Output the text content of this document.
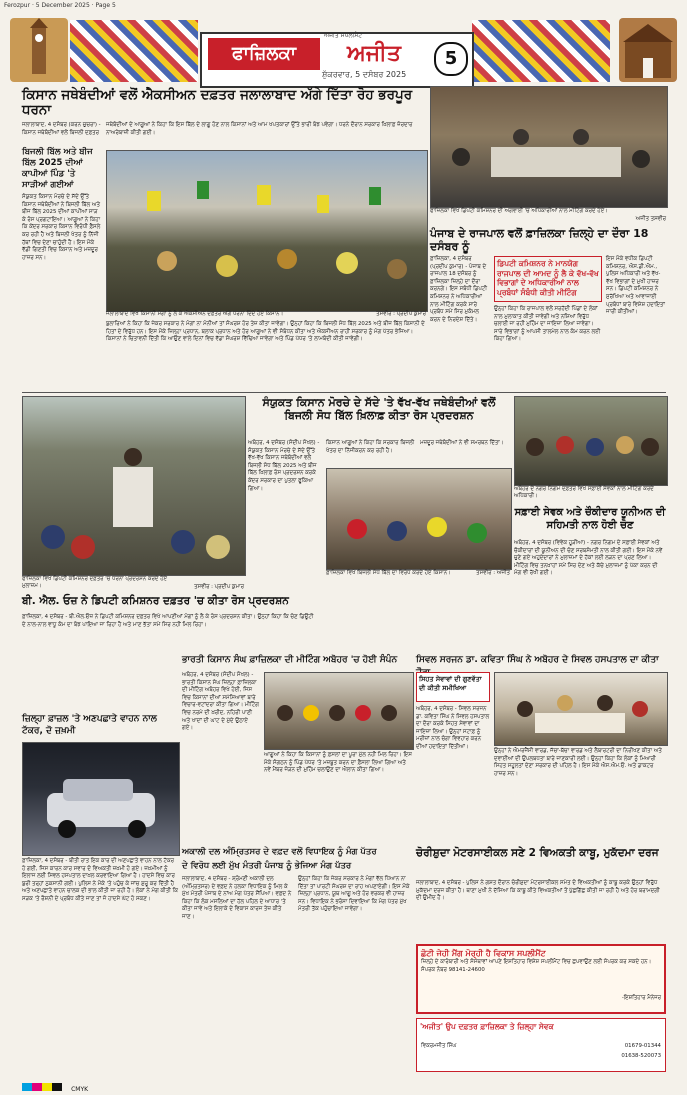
Ferozpur · 5 December 2025 · Page 5
ਅਜੀਤ ਸਪਲੀਮੈਂਟ
ਫਾਜ਼ਿਲਕਾ	ਅਜੀਤ
ਸ਼ੁੱਕਰਵਾਰ, 5 ਦਸੰਬਰ 2025
5
ਕਿਸਾਨ ਜਥੇਬੰਦੀਆਂ ਵਲੋਂ ਐਕਸੀਅਨ ਦਫ਼ਤਰ ਜਲਾਲਾਬਾਦ ਅੱਗੇ ਦਿੱਤਾ ਰੋਹ ਭਰਪੂਰ ਧਰਨਾ
ਜਲਾਲਾਬਾਦ, 4 ਦਸੰਬਰ (ਕਰਨ ਚੁਚਰਾ) - ਕਿਸਾਨ ਜਥੇਬੰਦੀਆਂ ਵਲੋਂ ਬਿਜਲੀ ਦਫ਼ਤਰ
ਬਿਜਲੀ ਬਿੱਲ ਅਤੇ ਬੀਜ ਬਿੱਲ 2025 ਦੀਆਂ ਕਾਪੀਆਂ ਪਿੰਡ 'ਤੇ ਸਾੜੀਆਂ ਗਈਆਂ
ਸੰਯੁਕਤ ਕਿਸਾਨ ਮੋਰਚੇ ਦੇ ਸੱਦੇ ਉੱਤੇ ਕਿਸਾਨ ਜਥੇਬੰਦੀਆਂ ਨੇ ਬਿਜਲੀ ਬਿੱਲ ਅਤੇ ਬੀਜ ਬਿੱਲ 2025 ਦੀਆਂ ਕਾਪੀਆਂ ਸਾੜ ਕੇ ਰੋਸ ਪ੍ਰਗਟਾਇਆ। ਆਗੂਆਂ ਨੇ ਕਿਹਾ ਕਿ ਕੇਂਦਰ ਸਰਕਾਰ ਕਿਸਾਨ ਵਿਰੋਧੀ ਫ਼ੈਸਲੇ ਕਰ ਰਹੀ ਹੈ ਅਤੇ ਬਿਜਲੀ ਖੇਤਰ ਨੂੰ ਨਿੱਜੀ ਹੱਥਾਂ ਵਿਚ ਦੇਣਾ ਚਾਹੁੰਦੀ ਹੈ। ਇਸ ਮੌਕੇ ਵੱਡੀ ਗਿਣਤੀ ਵਿਚ ਕਿਸਾਨ ਅਤੇ ਮਜ਼ਦੂਰ ਹਾਜ਼ਰ ਸਨ।
ਜਥੇਬੰਦੀਆਂ ਦੇ ਆਗੂਆਂ ਨੇ ਕਿਹਾ ਕਿ ਇਸ ਬਿੱਲ ਦੇ ਲਾਗੂ ਹੋਣ ਨਾਲ ਕਿਸਾਨਾਂ ਅਤੇ ਆਮ ਖਪਤਕਾਰਾਂ ਉੱਤੇ ਭਾਰੀ ਬੋਝ ਪਵੇਗਾ। ਧਰਨੇ ਦੌਰਾਨ ਸਰਕਾਰ ਖ਼ਿਲਾਫ਼ ਜ਼ੋਰਦਾਰ ਨਾਅਰੇਬਾਜ਼ੀ ਕੀਤੀ ਗਈ।
ਜਲਾਲਾਬਾਦ ਵਿਖੇ ਕਿਸਾਨੀ ਮੰਗਾਂ ਨੂੰ ਲੈ ਕੇ ਐਕਸੀਅਨ ਦਫ਼ਤਰ ਅੱਗੇ ਧਰਨਾ ਦਿੰਦੇ ਹੋਏ ਕਿਸਾਨ।	ਤਸਵੀਰ : ਪ੍ਰਦੀਪ ਕੁਮਾਰ
ਬੁਲਾਰਿਆਂ ਨੇ ਕਿਹਾ ਕਿ ਜੇਕਰ ਸਰਕਾਰ ਨੇ ਮੰਗਾਂ ਨਾ ਮੰਨੀਆਂ ਤਾਂ ਸੰਘਰਸ਼ ਹੋਰ ਤੇਜ਼ ਕੀਤਾ ਜਾਵੇਗਾ। ਉਨ੍ਹਾਂ ਕਿਹਾ ਕਿ ਬਿਜਲੀ ਸੋਧ ਬਿੱਲ 2025 ਅਤੇ ਬੀਜ ਬਿੱਲ ਕਿਸਾਨੀ ਦੇ ਹਿਤਾਂ ਦੇ ਵਿਰੁੱਧ ਹਨ। ਇਸ ਮੌਕੇ ਜ਼ਿਲ੍ਹਾ ਪ੍ਰਧਾਨ, ਬਲਾਕ ਪ੍ਰਧਾਨ ਅਤੇ ਹੋਰ ਆਗੂਆਂ ਨੇ ਵੀ ਸੰਬੋਧਨ ਕੀਤਾ ਅਤੇ ਐਕਸੀਅਨ ਰਾਹੀਂ ਸਰਕਾਰ ਨੂੰ ਮੰਗ ਪੱਤਰ ਭੇਜਿਆ। ਕਿਸਾਨਾਂ ਨੇ ਚਿਤਾਵਨੀ ਦਿੱਤੀ ਕਿ ਆਉਣ ਵਾਲੇ ਦਿਨਾਂ ਵਿਚ ਵੱਡਾ ਸੰਘਰਸ਼ ਵਿੱਢਿਆ ਜਾਵੇਗਾ ਅਤੇ ਪਿੰਡ ਪੱਧਰ 'ਤੇ ਲਾਮਬੰਦੀ ਕੀਤੀ ਜਾਵੇਗੀ।
ਫਾਜ਼ਿਲਕਾ ਵਿਖੇ ਡਿਪਟੀ ਕਮਿਸ਼ਨਰ ਦੀ ਅਗਵਾਈ 'ਚ ਅਧਿਕਾਰੀਆਂ ਨਾਲ ਮੀਟਿੰਗ ਕਰਦੇ ਹੋਏ।
ਅਜੀਤ ਤਸਵੀਰ
ਪੰਜਾਬ ਦੇ ਰਾਜਪਾਲ ਵਲੋਂ ਫ਼ਾਜ਼ਿਲਕਾ ਜ਼ਿਲ੍ਹੇ ਦਾ ਦੌਰਾ 18 ਦਸੰਬਰ ਨੂੰ
ਫ਼ਾਜ਼ਿਲਕਾ, 4 ਦਸੰਬਰ (ਪ੍ਰਦੀਪ ਕੁਮਾਰ) - ਪੰਜਾਬ ਦੇ ਰਾਜਪਾਲ 18 ਦਸੰਬਰ ਨੂੰ ਫ਼ਾਜ਼ਿਲਕਾ ਜ਼ਿਲ੍ਹੇ ਦਾ ਦੌਰਾ ਕਰਨਗੇ। ਇਸ ਸਬੰਧੀ ਡਿਪਟੀ ਕਮਿਸ਼ਨਰ ਨੇ ਅਧਿਕਾਰੀਆਂ ਨਾਲ ਮੀਟਿੰਗ ਕਰਕੇ ਸਾਰੇ ਪ੍ਰਬੰਧ ਸਮੇਂ ਸਿਰ ਮੁਕੰਮਲ ਕਰਨ ਦੇ ਨਿਰਦੇਸ਼ ਦਿੱਤੇ।
ਡਿਪਟੀ ਕਮਿਸ਼ਨਰ ਨੇ ਮਾਨਯੋਗ ਰਾਜਪਾਲ ਦੀ ਆਮਦ ਨੂੰ ਲੈ ਕੇ ਵੱਖ-ਵੱਖ ਵਿਭਾਗਾਂ ਦੇ ਅਧਿਕਾਰੀਆਂ ਨਾਲ ਪ੍ਰਬੰਧਾਂ ਸੰਬੰਧੀ ਕੀਤੀ ਮੀਟਿੰਗ
ਉਨ੍ਹਾਂ ਕਿਹਾ ਕਿ ਰਾਜਪਾਲ ਵਲੋਂ ਸਰਹੱਦੀ ਪਿੰਡਾਂ ਦੇ ਲੋਕਾਂ ਨਾਲ ਮੁਲਾਕਾਤ ਕੀਤੀ ਜਾਵੇਗੀ ਅਤੇ ਨਸ਼ਿਆਂ ਵਿਰੁੱਧ ਚਲਾਈ ਜਾ ਰਹੀ ਮੁਹਿੰਮ ਦਾ ਜਾਇਜ਼ਾ ਲਿਆ ਜਾਵੇਗਾ। ਸਾਰੇ ਵਿਭਾਗਾਂ ਨੂੰ ਆਪਸੀ ਤਾਲਮੇਲ ਨਾਲ ਕੰਮ ਕਰਨ ਲਈ ਕਿਹਾ ਗਿਆ।
ਇਸ ਮੌਕੇ ਵਧੀਕ ਡਿਪਟੀ ਕਮਿਸ਼ਨਰ, ਐਸ.ਡੀ.ਐਮ., ਪੁਲਿਸ ਅਧਿਕਾਰੀ ਅਤੇ ਵੱਖ-ਵੱਖ ਵਿਭਾਗਾਂ ਦੇ ਮੁਖੀ ਹਾਜ਼ਰ ਸਨ। ਡਿਪਟੀ ਕਮਿਸ਼ਨਰ ਨੇ ਸੁਰੱਖਿਆ ਅਤੇ ਆਵਾਜਾਈ ਪ੍ਰਬੰਧਾਂ ਬਾਰੇ ਵਿਸ਼ੇਸ਼ ਹਦਾਇਤਾਂ ਜਾਰੀ ਕੀਤੀਆਂ।
ਫਾਜ਼ਿਲਕਾ ਵਿਖੇ ਡਿਪਟੀ ਕਮਿਸ਼ਨਰ ਦਫ਼ਤਰ 'ਚ ਧਰਨਾ ਪ੍ਰਦਰਸ਼ਨ ਕਰਦੇ ਹੋਏ ਮੁਲਾਜ਼ਮ।	ਤਸਵੀਰ : ਪ੍ਰਦੀਪ ਕੁਮਾਰ
ਸੰਯੁਕਤ ਕਿਸਾਨ ਮੋਰਚੇ ਦੇ ਸੱਦੇ 'ਤੇ ਵੱਖ-ਵੱਖ ਜਥੇਬੰਦੀਆਂ ਵਲੋਂ ਬਿਜਲੀ ਸੋਧ ਬਿੱਲ ਖ਼ਿਲਾਫ਼ ਕੀਤਾ ਰੋਸ ਪ੍ਰਦਰਸ਼ਨ
ਅਬੋਹਰ, 4 ਦਸੰਬਰ (ਸੰਦੀਪ ਸੋਖਲ) - ਸੰਯੁਕਤ ਕਿਸਾਨ ਮੋਰਚੇ ਦੇ ਸੱਦੇ ਉੱਤੇ ਵੱਖ-ਵੱਖ ਕਿਸਾਨ ਜਥੇਬੰਦੀਆਂ ਵਲੋਂ ਬਿਜਲੀ ਸੋਧ ਬਿੱਲ 2025 ਅਤੇ ਬੀਜ ਬਿੱਲ ਖ਼ਿਲਾਫ਼ ਰੋਸ ਪ੍ਰਦਰਸ਼ਨ ਕਰਕੇ ਕੇਂਦਰ ਸਰਕਾਰ ਦਾ ਪੁਤਲਾ ਫੂਕਿਆ ਗਿਆ।
ਕਿਸਾਨ ਆਗੂਆਂ ਨੇ ਕਿਹਾ ਕਿ ਸਰਕਾਰ ਬਿਜਲੀ ਖੇਤਰ ਦਾ ਨਿੱਜੀਕਰਨ ਕਰ ਰਹੀ ਹੈ।
ਮਜ਼ਦੂਰ ਜਥੇਬੰਦੀਆਂ ਨੇ ਵੀ ਸਮਰਥਨ ਦਿੱਤਾ।
ਫ਼ਾਜ਼ਿਲਕਾ ਵਿਖੇ ਬਿਜਲੀ ਸੋਧ ਬਿੱਲ ਦਾ ਵਿਰੋਧ ਕਰਦੇ ਹੋਏ ਕਿਸਾਨ।	ਤਸਵੀਰ : ਅਜੀਤ
ਅਬੋਹਰ ਦੇ ਨਗਰ ਨਿਗਮ ਦਫ਼ਤਰ ਵਿਖੇ ਸਫ਼ਾਈ ਸੇਵਕਾਂ ਨਾਲ ਮੀਟਿੰਗ ਕਰਦੇ ਅਧਿਕਾਰੀ।
ਸਫ਼ਾਈ ਸੇਵਕ ਅਤੇ ਚੌਕੀਦਾਰ ਯੂਨੀਅਨ ਦੀ ਸਹਿਮਤੀ ਨਾਲ ਹੋਈ ਚੋਣ
ਅਬੋਹਰ, 4 ਦਸੰਬਰ (ਵਿਵੇਕ ਹੂੜੀਆ) - ਨਗਰ ਨਿਗਮ ਦੇ ਸਫ਼ਾਈ ਸੇਵਕਾਂ ਅਤੇ ਚੌਕੀਦਾਰਾਂ ਦੀ ਯੂਨੀਅਨ ਦੀ ਚੋਣ ਸਰਬਸੰਮਤੀ ਨਾਲ ਕੀਤੀ ਗਈ। ਇਸ ਮੌਕੇ ਨਵੇਂ ਚੁਣੇ ਗਏ ਅਹੁਦੇਦਾਰਾਂ ਨੇ ਮੁਲਾਜ਼ਮਾਂ ਦੇ ਹੱਕਾਂ ਲਈ ਲੜਨ ਦਾ ਪ੍ਰਣ ਲਿਆ। ਮੀਟਿੰਗ ਵਿਚ ਤਨਖ਼ਾਹਾਂ ਸਮੇਂ ਸਿਰ ਦੇਣ ਅਤੇ ਕੱਚੇ ਮੁਲਾਜ਼ਮਾਂ ਨੂੰ ਪੱਕਾ ਕਰਨ ਦੀ ਮੰਗ ਵੀ ਰੱਖੀ ਗਈ।
ਬੀ. ਐਲ. ਓਜ਼ ਨੇ ਡਿਪਟੀ ਕਮਿਸ਼ਨਰ ਦਫ਼ਤਰ 'ਚ ਕੀਤਾ ਰੋਸ ਪ੍ਰਦਰਸ਼ਨ
ਫ਼ਾਜ਼ਿਲਕਾ, 4 ਦਸੰਬਰ - ਬੀ.ਐਲ.ਓਜ਼ ਨੇ ਡਿਪਟੀ ਕਮਿਸ਼ਨਰ ਦਫ਼ਤਰ ਵਿਖੇ ਆਪਣੀਆਂ ਮੰਗਾਂ ਨੂੰ ਲੈ ਕੇ ਰੋਸ ਪ੍ਰਦਰਸ਼ਨ ਕੀਤਾ। ਉਨ੍ਹਾਂ ਕਿਹਾ ਕਿ ਚੋਣ ਡਿਊਟੀ ਦੇ ਨਾਲ-ਨਾਲ ਵਾਧੂ ਕੰਮ ਦਾ ਬੋਝ ਪਾਇਆ ਜਾ ਰਿਹਾ ਹੈ ਅਤੇ ਮਾਣ ਭੱਤਾ ਸਮੇਂ ਸਿਰ ਨਹੀਂ ਮਿਲ ਰਿਹਾ।
ਭਾਰਤੀ ਕਿਸਾਨ ਸੰਘ ਫ਼ਾਜ਼ਿਲਕਾ ਦੀ ਮੀਟਿੰਗ ਅਬੋਹਰ 'ਚ ਹੋਈ ਸੰਪੰਨ
ਅਬੋਹਰ, 4 ਦਸੰਬਰ (ਸੰਦੀਪ ਸੋਖਲ) - ਭਾਰਤੀ ਕਿਸਾਨ ਸੰਘ ਜ਼ਿਲ੍ਹਾ ਫ਼ਾਜ਼ਿਲਕਾ ਦੀ ਮੀਟਿੰਗ ਅਬੋਹਰ ਵਿਖੇ ਹੋਈ, ਜਿਸ ਵਿਚ ਕਿਸਾਨਾਂ ਦੀਆਂ ਸਮੱਸਿਆਵਾਂ ਬਾਰੇ ਵਿਚਾਰ-ਵਟਾਂਦਰਾ ਕੀਤਾ ਗਿਆ। ਮੀਟਿੰਗ ਵਿਚ ਨਰਮੇ ਦੀ ਖ਼ਰੀਦ, ਨਹਿਰੀ ਪਾਣੀ ਅਤੇ ਖਾਦਾਂ ਦੀ ਘਾਟ ਦੇ ਮੁੱਦੇ ਉਠਾਏ ਗਏ।
ਆਗੂਆਂ ਨੇ ਕਿਹਾ ਕਿ ਕਿਸਾਨਾਂ ਨੂੰ ਫ਼ਸਲਾਂ ਦਾ ਪੂਰਾ ਮੁੱਲ ਨਹੀਂ ਮਿਲ ਰਿਹਾ। ਇਸ ਮੌਕੇ ਸੰਗਠਨ ਨੂੰ ਪਿੰਡ ਪੱਧਰ 'ਤੇ ਮਜ਼ਬੂਤ ਕਰਨ ਦਾ ਫ਼ੈਸਲਾ ਲਿਆ ਗਿਆ ਅਤੇ ਨਵੇਂ ਮੈਂਬਰ ਜੋੜਨ ਦੀ ਮੁਹਿੰਮ ਚਲਾਉਣ ਦਾ ਐਲਾਨ ਕੀਤਾ ਗਿਆ।
ਸਿਵਲ ਸਰਜਨ ਡਾ. ਕਵਿਤਾ ਸਿੰਘ ਨੇ ਅਬੋਹਰ ਦੇ ਸਿਵਲ ਹਸਪਤਾਲ ਦਾ ਕੀਤਾ
ਸਿਹਤ ਸੇਵਾਵਾਂ ਦੀ ਗੁਣਵੱਤਾ ਦੀ ਕੀਤੀ ਸਮੀਖਿਆ
ਅਬੋਹਰ, 4 ਦਸੰਬਰ - ਸਿਵਲ ਸਰਜਨ ਡਾ. ਕਵਿਤਾ ਸਿੰਘ ਨੇ ਸਿਵਲ ਹਸਪਤਾਲ ਦਾ ਦੌਰਾ ਕਰਕੇ ਸਿਹਤ ਸੇਵਾਵਾਂ ਦਾ ਜਾਇਜ਼ਾ ਲਿਆ। ਉਨ੍ਹਾਂ ਸਟਾਫ਼ ਨੂੰ ਮਰੀਜ਼ਾਂ ਨਾਲ ਚੰਗਾ ਵਿਵਹਾਰ ਕਰਨ ਦੀਆਂ ਹਦਾਇਤਾਂ ਦਿੱਤੀਆਂ।
ਉਨ੍ਹਾਂ ਨੇ ਐਮਰਜੈਂਸੀ ਵਾਰਡ, ਜੱਚਾ-ਬੱਚਾ ਵਾਰਡ ਅਤੇ ਲੈਬਾਰਟਰੀ ਦਾ ਨਿਰੀਖਣ ਕੀਤਾ ਅਤੇ ਦਵਾਈਆਂ ਦੀ ਉਪਲਬਧਤਾ ਬਾਰੇ ਜਾਣਕਾਰੀ ਲਈ। ਉਨ੍ਹਾਂ ਕਿਹਾ ਕਿ ਲੋਕਾਂ ਨੂੰ ਮਿਆਰੀ ਸਿਹਤ ਸਹੂਲਤਾਂ ਦੇਣਾ ਸਰਕਾਰ ਦੀ ਪਹਿਲ ਹੈ। ਇਸ ਮੌਕੇ ਐਸ.ਐਮ.ਓ. ਅਤੇ ਡਾਕਟਰ ਹਾਜ਼ਰ ਸਨ।
ਜ਼ਿਲ੍ਹਾ ਫ਼ਾਜ਼ਲ 'ਤੇ ਅਣਪਛਾਤੇ ਵਾਹਨ ਨਾਲ ਟੱਕਰ, ਦੋ ਜ਼ਖ਼ਮੀ
ਫ਼ਾਜ਼ਿਲਕਾ, 4 ਦਸੰਬਰ - ਬੀਤੀ ਰਾਤ ਇਕ ਕਾਰ ਦੀ ਅਣਪਛਾਤੇ ਵਾਹਨ ਨਾਲ ਟੱਕਰ ਹੋ ਗਈ, ਜਿਸ ਕਾਰਨ ਕਾਰ ਸਵਾਰ ਦੋ ਵਿਅਕਤੀ ਜ਼ਖ਼ਮੀ ਹੋ ਗਏ। ਜ਼ਖ਼ਮੀਆਂ ਨੂੰ ਇਲਾਜ ਲਈ ਸਿਵਲ ਹਸਪਤਾਲ ਦਾਖ਼ਲ ਕਰਵਾਇਆ ਗਿਆ ਹੈ। ਹਾਦਸੇ ਵਿਚ ਕਾਰ ਬੁਰੀ ਤਰ੍ਹਾਂ ਨੁਕਸਾਨੀ ਗਈ। ਪੁਲਿਸ ਨੇ ਮੌਕੇ 'ਤੇ ਪਹੁੰਚ ਕੇ ਜਾਂਚ ਸ਼ੁਰੂ ਕਰ ਦਿੱਤੀ ਹੈ ਅਤੇ ਅਣਪਛਾਤੇ ਵਾਹਨ ਚਾਲਕ ਦੀ ਭਾਲ ਕੀਤੀ ਜਾ ਰਹੀ ਹੈ। ਲੋਕਾਂ ਨੇ ਮੰਗ ਕੀਤੀ ਕਿ ਸੜਕ 'ਤੇ ਰੌਸ਼ਨੀ ਦੇ ਪ੍ਰਬੰਧ ਕੀਤੇ ਜਾਣ ਤਾਂ ਜੋ ਹਾਦਸੇ ਘੱਟ ਹੋ ਸਕਣ।
ਅਕਾਲੀ ਦਲ ਅੰਮ੍ਰਿਤਸਰ ਦੇ ਵਫ਼ਦ ਵਲੋਂ ਵਿਧਾਇਕ ਨੂੰ ਮੰਗ ਪੱਤਰ
ਦੇ ਵਿਰੋਧ ਲਈ ਮੁੱਖ ਮੰਤਰੀ ਪੰਜਾਬ ਨੂੰ ਭੇਜਿਆ ਮੰਗ ਪੱਤਰ
ਜਲਾਲਾਬਾਦ, 4 ਦਸੰਬਰ - ਸ਼੍ਰੋਮਣੀ ਅਕਾਲੀ ਦਲ (ਅੰਮ੍ਰਿਤਸਰ) ਦੇ ਵਫ਼ਦ ਨੇ ਹਲਕਾ ਵਿਧਾਇਕ ਨੂੰ ਮਿਲ ਕੇ ਮੁੱਖ ਮੰਤਰੀ ਪੰਜਾਬ ਦੇ ਨਾਂਅ ਮੰਗ ਪੱਤਰ ਸੌਂਪਿਆ। ਵਫ਼ਦ ਨੇ ਕਿਹਾ ਕਿ ਲੋਕ ਮਸਲਿਆਂ ਦਾ ਹੱਲ ਪਹਿਲ ਦੇ ਆਧਾਰ 'ਤੇ ਕੀਤਾ ਜਾਵੇ ਅਤੇ ਇਲਾਕੇ ਦੇ ਵਿਕਾਸ ਕਾਰਜ ਤੇਜ਼ ਕੀਤੇ ਜਾਣ।
ਉਨ੍ਹਾਂ ਕਿਹਾ ਕਿ ਜੇਕਰ ਸਰਕਾਰ ਨੇ ਮੰਗਾਂ ਵੱਲ ਧਿਆਨ ਨਾ ਦਿੱਤਾ ਤਾਂ ਪਾਰਟੀ ਸੰਘਰਸ਼ ਦਾ ਰਾਹ ਅਪਣਾਏਗੀ। ਇਸ ਮੌਕੇ ਜ਼ਿਲ੍ਹਾ ਪ੍ਰਧਾਨ, ਯੂਥ ਆਗੂ ਅਤੇ ਹੋਰ ਵਰਕਰ ਵੀ ਹਾਜ਼ਰ ਸਨ। ਵਿਧਾਇਕ ਨੇ ਭਰੋਸਾ ਦਿਵਾਇਆ ਕਿ ਮੰਗ ਪੱਤਰ ਮੁੱਖ ਮੰਤਰੀ ਤੱਕ ਪਹੁੰਚਾਇਆ ਜਾਵੇਗਾ।
ਚੋਰੀਸ਼ੁਦਾ ਮੋਟਰਸਾਈਕਲ ਸਣੇ 2 ਵਿਅਕਤੀ ਕਾਬੂ, ਮੁਕੱਦਮਾ ਦਰਜ
ਜਲਾਲਾਬਾਦ, 4 ਦਸੰਬਰ - ਪੁਲਿਸ ਨੇ ਗਸ਼ਤ ਦੌਰਾਨ ਚੋਰੀਸ਼ੁਦਾ ਮੋਟਰਸਾਈਕਲ ਸਮੇਤ ਦੋ ਵਿਅਕਤੀਆਂ ਨੂੰ ਕਾਬੂ ਕਰਕੇ ਉਨ੍ਹਾਂ ਵਿਰੁੱਧ ਮੁਕੱਦਮਾ ਦਰਜ ਕੀਤਾ ਹੈ। ਥਾਣਾ ਮੁਖੀ ਨੇ ਦੱਸਿਆ ਕਿ ਕਾਬੂ ਕੀਤੇ ਵਿਅਕਤੀਆਂ ਤੋਂ ਪੁੱਛਗਿੱਛ ਕੀਤੀ ਜਾ ਰਹੀ ਹੈ ਅਤੇ ਹੋਰ ਬਰਾਮਦਗੀ ਦੀ ਉਮੀਦ ਹੈ।
ਛੋਟੀ ਜੇਹੀ ਮੈਂਗ ਮੋਰ੍ਹੀ ਹੈ ਵਿਕਾਸ ਸਪਲੀਮੈਂਟ
ਜ਼ਿਲ੍ਹੇ ਦੇ ਕਾਰੋਬਾਰੀ ਅਤੇ ਸੰਸਥਾਵਾਂ ਆਪਣੇ ਇਸ਼ਤਿਹਾਰ ਵਿਸ਼ੇਸ਼ ਸਪਲੀਮੈਂਟ ਵਿਚ ਛਪਵਾਉਣ ਲਈ ਸੰਪਰਕ ਕਰ ਸਕਦੇ ਹਨ। ਸੰਪਰਕ ਨੰਬਰ 98141-24600
-ਇਸ਼ਤਿਹਾਰ ਮੈਨੇਜਰ
'ਅਜੀਤ' ਉਪ ਦਫ਼ਤਰ ਫ਼ਾਜ਼ਿਲਕਾ ਤੇ ਜ਼ਿਲ੍ਹਾ ਸੇਵਕ
ਵਿਕਰਮਜੀਤ ਸਿੰਘ	01679-01344
01638-520073
CMYK
